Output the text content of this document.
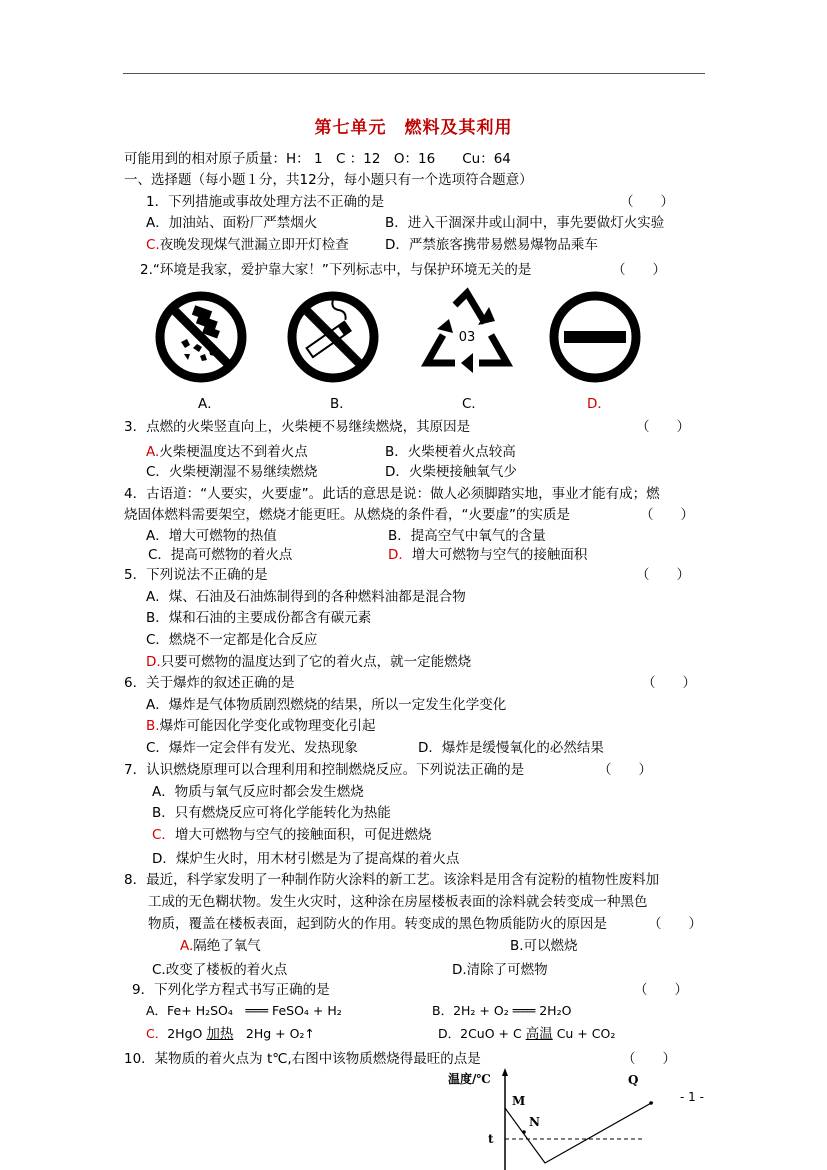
第七单元　燃料及其利用
可能用到的相对原子质量：H： 1　C ：12　O：16　　Cu：64
一、选择题（每小题１分，共12分，每小题只有一个选项符合题意）
1．下列措施或事故处理方法不正确的是	（　　）
A．加油站、面粉厂严禁烟火	B．进入干涸深井或山洞中，事先要做灯火实验
C.夜晚发现煤气泄漏立即开灯检查	D．严禁旅客携带易燃易爆物品乘车
2.“环境是我家，爱护靠大家！”下列标志中，与保护环境无关的是	（　　）
03
A．	B．	C．	D．
3．点燃的火柴竖直向上，火柴梗不易继续燃烧，其原因是	（　　）
A.火柴梗温度达不到着火点	B．火柴梗着火点较高
C．火柴梗潮湿不易继续燃烧	D．火柴梗接触氧气少
4．古语道：“人要实，火要虚”。此话的意思是说：做人必须脚踏实地，事业才能有成；燃
烧固体燃料需要架空，燃烧才能更旺。从燃烧的条件看，“火要虚”的实质是	（　　）
A．增大可燃物的热值	B．提高空气中氧气的含量
C．提高可燃物的着火点	D．增大可燃物与空气的接触面积
5．下列说法不正确的是	（　　）
A．煤、石油及石油炼制得到的各种燃料油都是混合物
B．煤和石油的主要成份都含有碳元素
C．燃烧不一定都是化合反应
D.只要可燃物的温度达到了它的着火点，就一定能燃烧
6．关于爆炸的叙述正确的是	（　　）
A．爆炸是气体物质剧烈燃烧的结果，所以一定发生化学变化
B.爆炸可能因化学变化或物理变化引起
C．爆炸一定会伴有发光、发热现象	D．爆炸是缓慢氧化的必然结果
7．认识燃烧原理可以合理利用和控制燃烧反应。下列说法正确的是	（　　）
A．物质与氧气反应时都会发生燃烧
B．只有燃烧反应可将化学能转化为热能
C．增大可燃物与空气的接触面积，可促进燃烧
D．煤炉生火时，用木材引燃是为了提高煤的着火点
8．最近，科学家发明了一种制作防火涂料的新工艺。该涂料是用含有淀粉的植物性废料加
工成的无色糊状物。发生火灾时，这种涂在房屋楼板表面的涂料就会转变成一种黑色
物质，覆盖在楼板表面，起到防火的作用。转变成的黑色物质能防火的原因是	（　　）
A.隔绝了氧气	B.可以燃烧
C.改变了楼板的着火点	D.清除了可燃物
9．下列化学方程式书写正确的是	（　　）
A．Fe+ H₂SO₄　═══ FeSO₄ + H₂	B．2H₂ + O₂ ═══ 2H₂O
C．2HgO 加热　 2Hg + O₂↑	D．2CuO + C 高温 Cu + CO₂
10．某物质的着火点为 t℃,右图中该物质燃烧得最旺的点是	（　　）
温度/℃
M
N
Q
t
- 1 -
